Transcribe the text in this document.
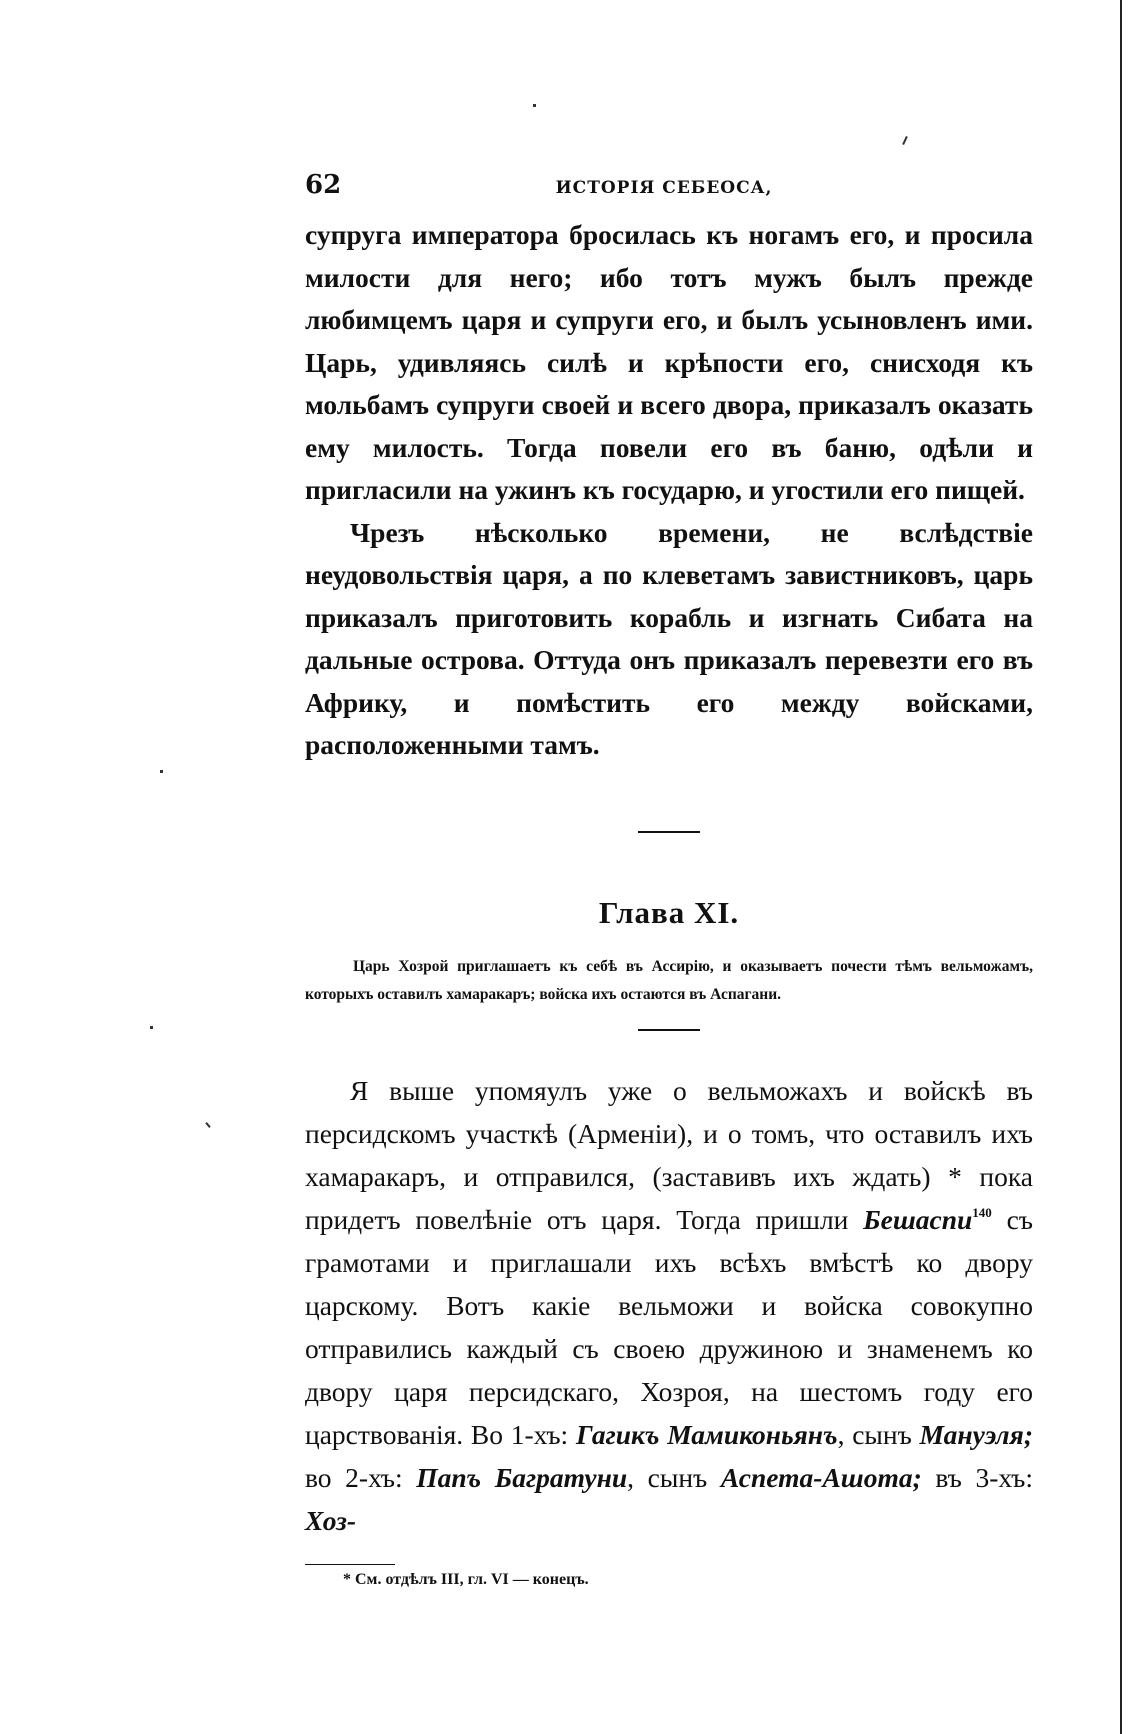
62	ИСТОРІЯ СЕБЕОСА,

супруга императора бросилась къ ногамъ его, и просила милости для него; ибо тотъ мужъ былъ прежде любимцемъ царя и супруги его, и былъ усыновленъ ими. Царь, удивляясь силѣ и крѣпости его, снисходя къ мольбамъ супруги своей и всего двора, приказалъ оказать ему милость. Тогда повели его въ баню, одѣли и пригласили на ужинъ къ государю, и угостили его пищей.

Чрезъ нѣсколько времени, не вслѣдствіе неудовольствія царя, а по клеветамъ завистниковъ, царь приказалъ приготовить корабль и изгнать Сибата на дальные острова. Оттуда онъ приказалъ перевезти его въ Африку, и помѣстить его между войсками, расположенными тамъ.

Глава XI.

Царь Хозрой приглашаетъ къ себѣ въ Ассирію, и оказываетъ почести тѣмъ вельможамъ, которыхъ оставилъ хамаракаръ; войска ихъ остаются въ Аспагани.

Я выше упомяулъ уже о вельможахъ и войскѣ въ персидскомъ участкѣ (Арменіи), и о томъ, что оставилъ ихъ хамаракаръ, и отправился, (заставивъ ихъ ждать) * пока придетъ повелѣніе отъ царя. Тогда пришли Бешаспи$^{140}$ съ грамотами и приглашали ихъ всѣхъ вмѣстѣ ко двору царскому. Вотъ какіе вельможи и войска совокупно отправились каждый съ своею дружиною и знаменемъ ко двору царя персидскаго, Хозроя, на шестомъ году его царствованія. Во 1-хъ: Гагикъ Мамиконьянъ, сынъ Мануэля; во 2-хъ: Папъ Багратуни, сынъ Аспета-Ашота; въ 3-хъ: Хоз-

* См. отдѣлъ III, гл. VI — конецъ.
